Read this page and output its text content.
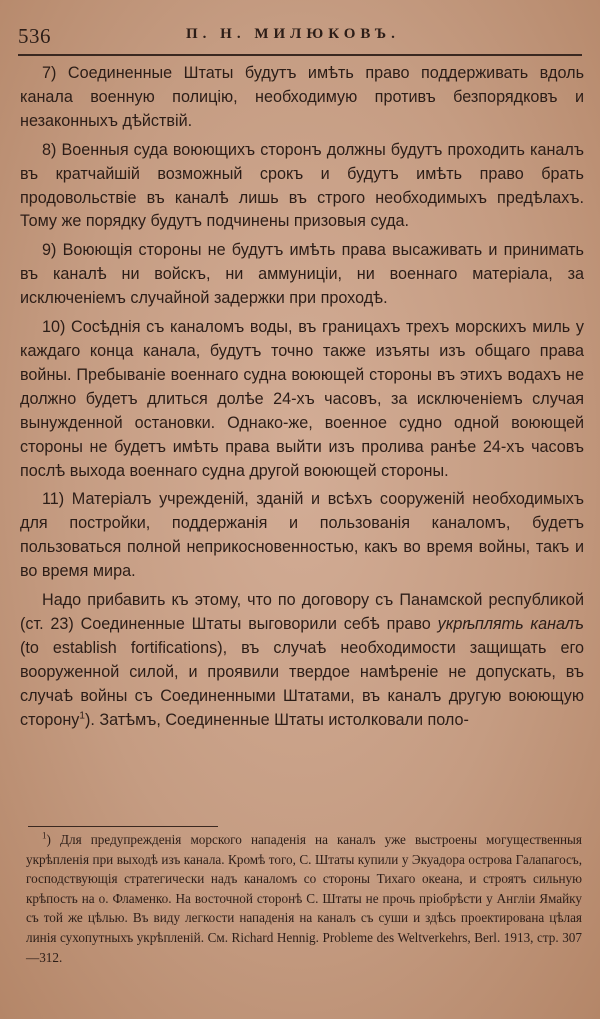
536	П. Н. МИЛЮКОВЪ.

7) Соединенные Штаты будутъ имѣть право поддерживать вдоль канала военную полицію, необходимую противъ безпорядковъ и незаконныхъ дѣйствій.

8) Военныя суда воюющихъ сторонъ должны будутъ проходить каналъ въ кратчайшій возможный срокъ и будутъ имѣть право брать продовольствіе въ каналѣ лишь въ строго необходимыхъ предѣлахъ. Тому же порядку будутъ подчинены призовыя суда.

9) Воюющія стороны не будутъ имѣть права высаживать и принимать въ каналѣ ни войскъ, ни аммуниціи, ни военнаго матеріала, за исключеніемъ случайной задержки при проходѣ.

10) Сосѣднія съ каналомъ воды, въ границахъ трехъ морскихъ миль у каждаго конца канала, будутъ точно также изъяты изъ общаго права войны. Пребываніе военнаго судна воюющей стороны въ этихъ водахъ не должно будетъ длиться долѣе 24-хъ часовъ, за исключеніемъ случая вынужденной остановки. Однако-же, военное судно одной воюющей стороны не будетъ имѣть права выйти изъ пролива ранѣе 24-хъ часовъ послѣ выхода военнаго судна другой воюющей стороны.

11) Матеріалъ учрежденій, зданій и всѣхъ сооруженій необходимыхъ для постройки, поддержанія и пользованія каналомъ, будетъ пользоваться полной неприкосновенностью, какъ во время войны, такъ и во время мира.

Надо прибавить къ этому, что по договору съ Панамской республикой (ст. 23) Соединенные Штаты выговорили себѣ право укрѣплять каналъ (to establish fortifications), въ случаѣ необходимости защищать его вооруженной силой, и проявили твердое намѣреніе не допускать, въ случаѣ войны съ Соединенными Штатами, въ каналъ другую воюющую сторону$^1$). Затѣмъ, Соединенные Штаты истолковали поло-

$^1$) Для предупрежденія морского нападенія на каналъ уже выстроены могущественныя укрѣпленія при выходѣ изъ канала. Кромѣ того, С. Штаты купили у Экуадора острова Галапагосъ, господствующія стратегически надъ каналомъ со стороны Тихаго океана, и строятъ сильную крѣпость на о. Фламенко. На восточной сторонѣ С. Штаты не прочь пріобрѣсти у Англіи Ямайку съ той же цѣлью. Въ виду легкости нападенія на каналъ съ суши и здѣсь проектирована цѣлая линія сухопутныхъ укрѣпленій. См. Richard Hennig. Probleme des Weltverkehrs, Berl. 1913, стр. 307—312.
